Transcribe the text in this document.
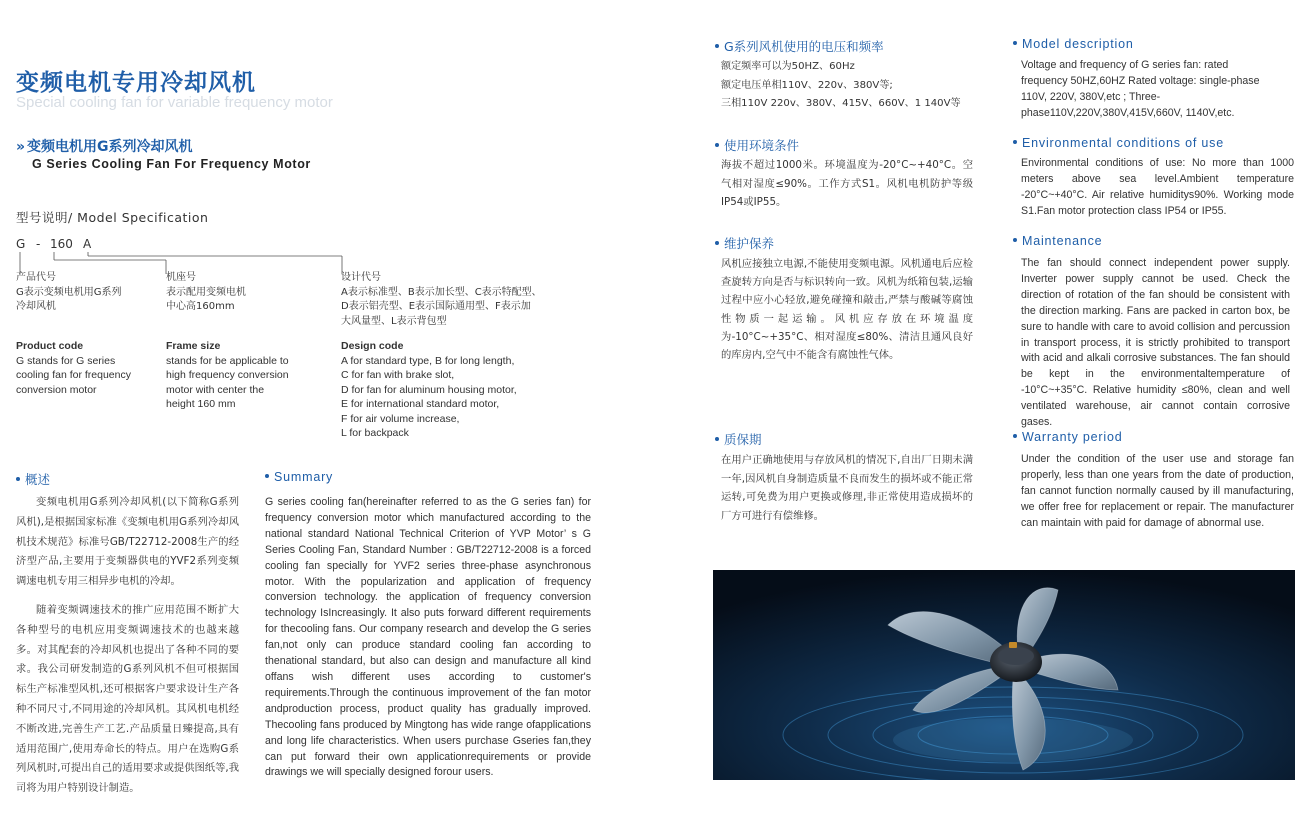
变频电机专用冷却风机
Special cooling fan for variable frequency motor
» 变频电机用G系列冷却风机
G Series Cooling Fan For Frequency Motor
型号说明/ Model Specification
G - 160 A
产品代号
G表示变频电机用G系列
冷却风机
Product code
G stands for G series
cooling fan for frequency
conversion motor
机座号
表示配用变频电机
中心高160mm
Frame size
stands for be applicable to
high frequency conversion
motor with center the
height 160 mm
设计代号
A表示标准型、B表示加长型、C表示特配型、
D表示铝壳型、E表示国际通用型、F表示加
大风量型、L表示背包型
Design code
A for standard type, B for long length,
C for fan with brake slot,
D for fan for aluminum housing motor,
E for international standard motor,
F for air volume increase,
L for backpack
概述
变频电机用G系列冷却风机(以下简称G系列风机),是根据国家标准《变频电机用G系列冷却风机技术规范》标准号GB/T22712-2008生产的经济型产品,主要用于变频器供电的YVF2系列变频调速电机专用三相异步电机的冷却。
随着变频调速技术的推广应用范围不断扩大各种型号的电机应用变频调速技术的也越来越多。对其配套的冷却风机也提出了各种不同的要求。我公司研发制造的G系列风机不但可根据国标生产标准型风机,还可根据客户要求设计生产各种不同尺寸,不同用途的冷却风机。其风机电机经不断改进,完善生产工艺.产品质量日臻提高,具有适用范围广,使用寿命长的特点。用户在选购G系列风机时,可提出自己的适用要求或提供图纸等,我司将为用户特别设计制造。
Summary
G series cooling fan(hereinafter referred to as the G series fan) for frequency conversion motor which manufactured according to the national standard National Technical Criterion of YVP Motor’ s G Series Cooling Fan, Standard Number : GB/T22712-2008 is a forced cooling fan specially for YVF2 series three-phase asynchronous motor. With the popularization and application of frequency conversion technology. the application of frequency conversion technology IsIncreasingly. It also puts forward different requirements for thecooling fans. Our company research and develop the G series fan,not only can produce standard cooling fan according to thenational standard, but also can design and manufacture all kind offans wish different uses according to customer's requirements.Through the continuous improvement of the fan motor andproduction process, product quality has gradually improved. Thecooling fans produced by Mingtong has wide range ofapplications and long life characteristics. When users purchase Gseries fan,they can put forward their own applicationrequirements or provide drawings we will specially designed forour users.
G系列风机使用的电压和频率
额定频率可以为50HZ、60Hz
额定电压单相110V、220v、380V等;
三相110V 220v、380V、415V、660V、1 140V等
使用环境条件
海拔不超过1000米。环境温度为-20°C~+40°C。空气相对湿度≤90%。工作方式S1。风机电机防护等级IP54或IP55。
维护保养
风机应接独立电源,不能使用变频电源。风机通电后应检查旋转方向是否与标识转向一致。风机为纸箱包装,运输过程中应小心轻放,避免碰撞和敲击,严禁与酸碱等腐蚀性物质一起运输。风机应存放在环境温度为-10°C~+35°C、相对湿度≤80%、清洁且通风良好的库房内,空气中不能含有腐蚀性气体。
质保期
在用户正确地使用与存放风机的情况下,自出厂日期未满一年,因风机自身制造质量不良而发生的损坏或不能正常运转,可免费为用户更换或修理,非正常使用造成损坏的厂方可进行有偿维修。
Model description
Voltage and frequency of G series fan: rated frequency 50HZ,60HZ Rated voltage: single-phase 110V, 220V, 380V,etc ; Three-phase110V,220V,380V,415V,660V, 1140V,etc.
Environmental conditions of use
Environmental conditions of use: No more than 1000 meters above sea level.Ambient temperature -20°C~+40°C. Air relative humiditys90%. Working mode S1.Fan motor protection class IP54 or IP55.
Maintenance
The fan should connect independent power supply. Inverter power supply cannot be used. Check the direction of rotation of the fan should be consistent with the direction marking. Fans are packed in carton box, be sure to handle with care to avoid collision and percussion in transport process, it is strictly prohibited to transport with acid and alkali corrosive substances. The fan should be kept in the environmentaltemperature of -10°C~+35°C. Relative humidity ≤80%, clean and well ventilated warehouse, air cannot contain corrosive gases.
Warranty period
Under the condition of the user use and storage fan properly, less than one years from the date of production, fan cannot function normally caused by ill manufacturing, we offer free for replacement or repair. The manufacturer can maintain with paid for damage of abnormal use.
